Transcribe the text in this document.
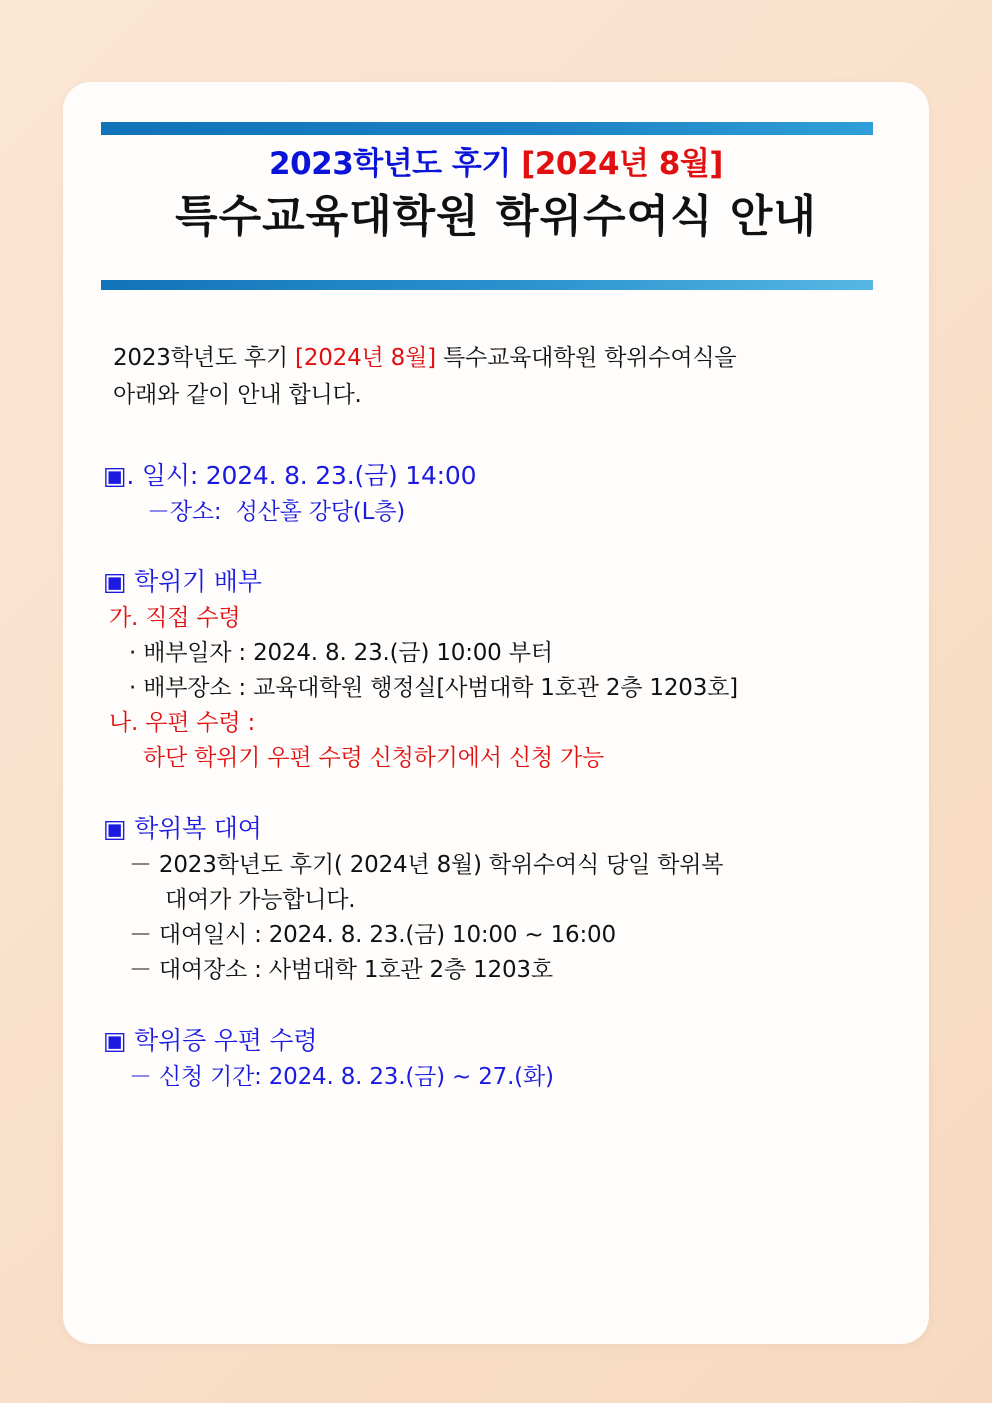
2023학년도 후기 [2024년 8월]
특수교육대학원 학위수여식 안내

2023학년도 후기 [2024년 8월] 특수교육대학원 학위수여식을
아래와 같이 안내 합니다.

▣. 일시: 2024. 8. 23.(금) 14:00
－장소:  성산홀 강당(L층)
▣ 학위기 배부
가. 직접 수령
· 배부일자 : 2024. 8. 23.(금) 10:00 부터
· 배부장소 : 교육대학원 행정실[사범대학 1호관 2층 1203호]
나. 우편 수령 :
하단 학위기 우편 수령 신청하기에서 신청 가능
▣ 학위복 대여
－ 2023학년도 후기( 2024년 8월) 학위수여식 당일 학위복
대여가 가능합니다.
－ 대여일시 : 2024. 8. 23.(금) 10:00 ~ 16:00
－ 대여장소 : 사범대학 1호관 2층 1203호
▣ 학위증 우편 수령
－ 신청 기간: 2024. 8. 23.(금) ~ 27.(화)
